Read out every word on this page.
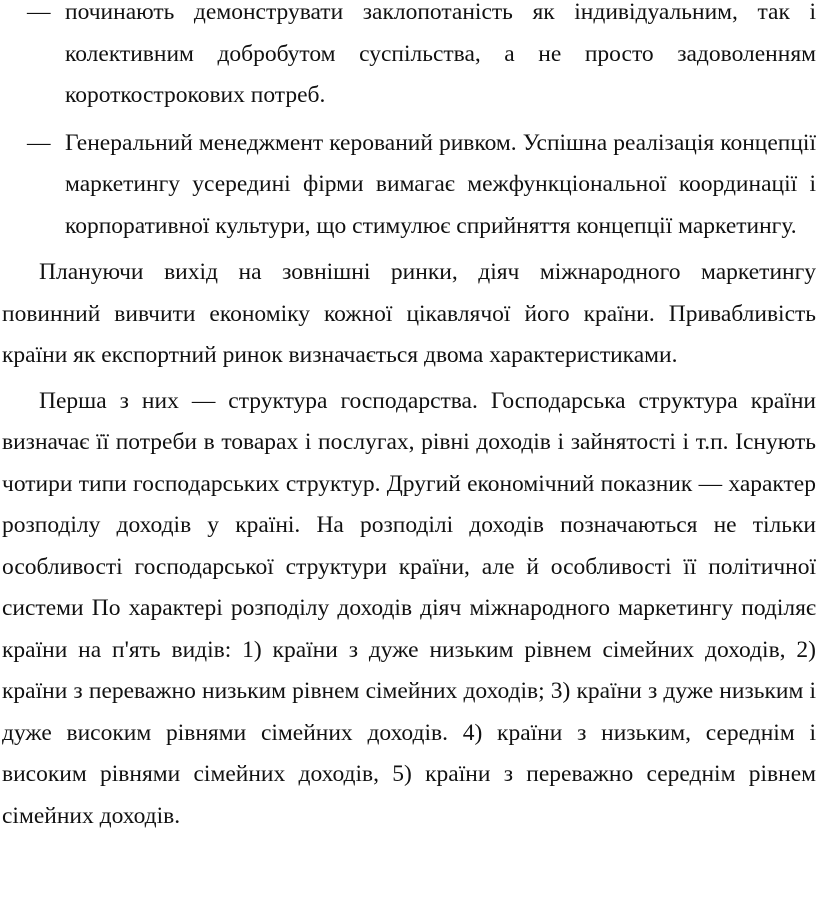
— починають демонструвати заклопотаність як індивідуальним, так і колективним добробутом суспільства, а не просто задоволенням короткострокових потреб.

— Генеральний менеджмент керований ривком. Успішна реалізація концепції маркетингу усередині фірми вимагає межфункціональної координації і корпоративної культури, що стимулює сприйняття концепції маркетингу.

Плануючи вихід на зовнішні ринки, діяч міжнародного маркетингу повинний вивчити економіку кожної цікавлячої його країни. Привабливість країни як експортний ринок визначається двома характеристиками.

Перша з них — структура господарства. Господарська структура країни визначає її потреби в товарах і послугах, рівні доходів і зайнятості і т.п. Існують чотири типи господарських структур. Другий економічний показник — характер розподілу доходів у країні. На розподілі доходів позначаються не тільки особливості господарської структури країни, але й особливості її політичної системи По характері розподілу доходів діяч міжнародного маркетингу поділяє країни на п'ять видів: 1) країни з дуже низьким рівнем сімейних доходів, 2) країни з переважно низьким рівнем сімейних доходів; 3) країни з дуже низьким і дуже високим рівнями сімейних доходів. 4) країни з низьким, середнім і високим рівнями сімейних доходів, 5) країни з переважно середнім рівнем сімейних доходів.
